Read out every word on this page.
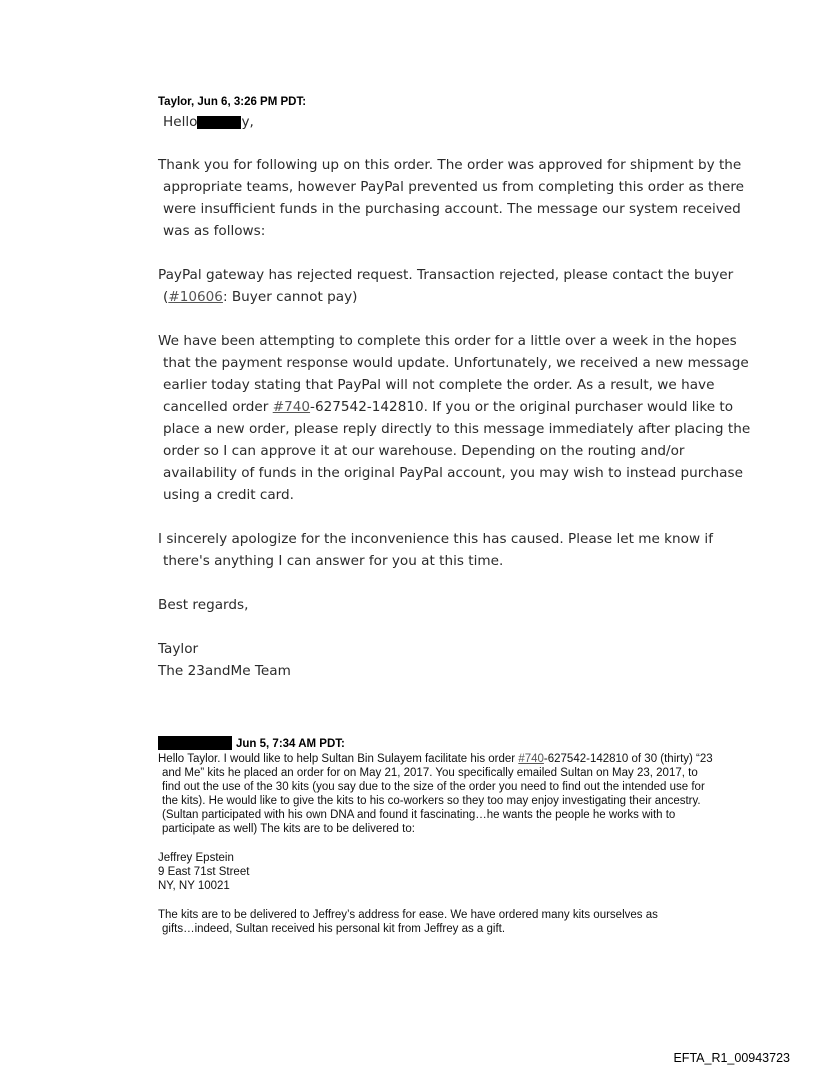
Taylor, Jun 6, 3:26 PM PDT:
Hello	y,
Thank you for following up on this order. The order was approved for shipment by the
appropriate teams, however PayPal prevented us from completing this order as there
were insufficient funds in the purchasing account. The message our system received
was as follows:
PayPal gateway has rejected request. Transaction rejected, please contact the buyer
(#10606: Buyer cannot pay)
We have been attempting to complete this order for a little over a week in the hopes
that the payment response would update. Unfortunately, we received a new message
earlier today stating that PayPal will not complete the order. As a result, we have
cancelled order #740-627542-142810. If you or the original purchaser would like to
place a new order, please reply directly to this message immediately after placing the
order so I can approve it at our warehouse. Depending on the routing and/or
availability of funds in the original PayPal account, you may wish to instead purchase
using a credit card.
I sincerely apologize for the inconvenience this has caused. Please let me know if
there's anything I can answer for you at this time.
Best regards,
Taylor
The 23andMe Team
Jun 5, 7:34 AM PDT:
Hello Taylor. I would like to help Sultan Bin Sulayem facilitate his order #740-627542-142810 of 30 (thirty) “23
and Me” kits he placed an order for on May 21, 2017. You specifically emailed Sultan on May 23, 2017, to
find out the use of the 30 kits (you say due to the size of the order you need to find out the intended use for
the kits). He would like to give the kits to his co-workers so they too may enjoy investigating their ancestry.
(Sultan participated with his own DNA and found it fascinating…he wants the people he works with to
participate as well) The kits are to be delivered to:
Jeffrey Epstein
9 East 71st Street
NY, NY 10021
The kits are to be delivered to Jeffrey’s address for ease. We have ordered many kits ourselves as
gifts…indeed, Sultan received his personal kit from Jeffrey as a gift.
EFTA_R1_00943723
